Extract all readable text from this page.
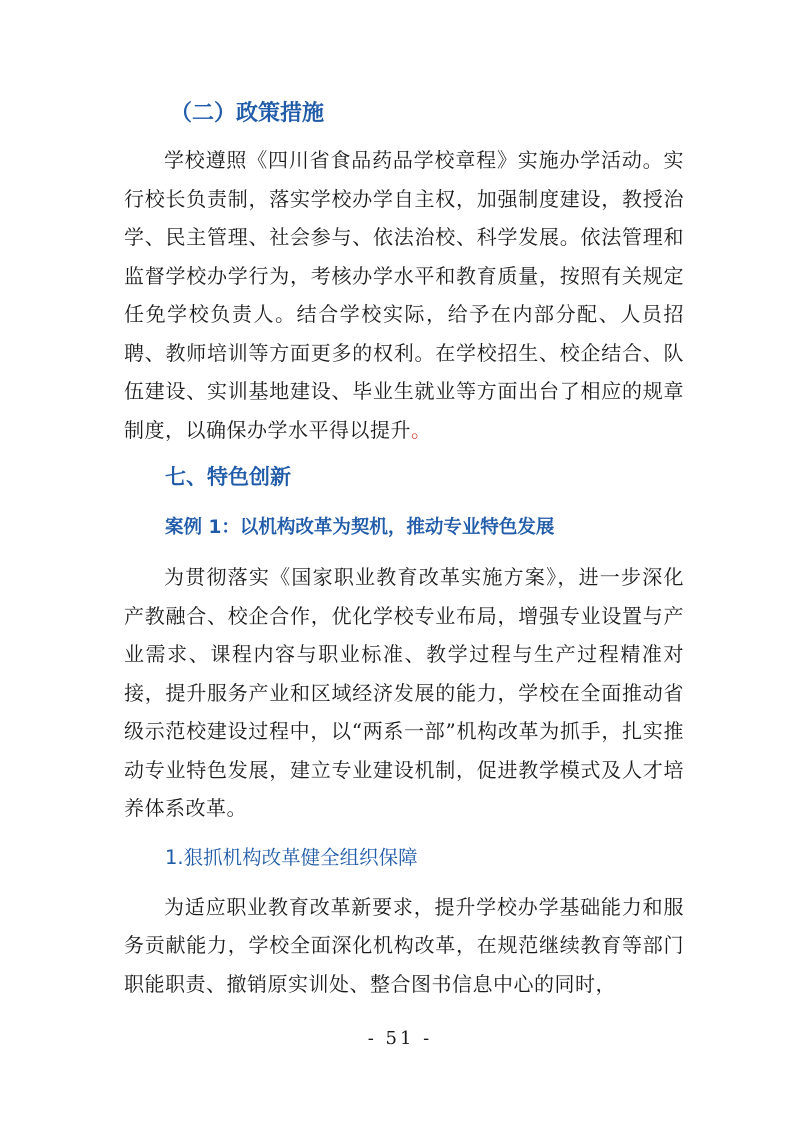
（二）政策措施

学校遵照《四川省食品药品学校章程》实施办学活动。实行校长负责制，落实学校办学自主权，加强制度建设，教授治学、民主管理、社会参与、依法治校、科学发展。依法管理和监督学校办学行为，考核办学水平和教育质量，按照有关规定任免学校负责人。结合学校实际，给予在内部分配、人员招聘、教师培训等方面更多的权利。在学校招生、校企结合、队伍建设、实训基地建设、毕业生就业等方面出台了相应的规章制度，以确保办学水平得以提升。

七、特色创新
案例 1：以机构改革为契机，推动专业特色发展

为贯彻落实《国家职业教育改革实施方案》，进一步深化产教融合、校企合作，优化学校专业布局，增强专业设置与产业需求、课程内容与职业标准、教学过程与生产过程精准对接，提升服务产业和区域经济发展的能力，学校在全面推动省级示范校建设过程中，以“两系一部”机构改革为抓手，扎实推动专业特色发展，建立专业建设机制，促进教学模式及人才培养体系改革。

1.狠抓机构改革健全组织保障

为适应职业教育改革新要求，提升学校办学基础能力和服务贡献能力，学校全面深化机构改革，在规范继续教育等部门职能职责、撤销原实训处、整合图书信息中心的同时，

- 51 -
